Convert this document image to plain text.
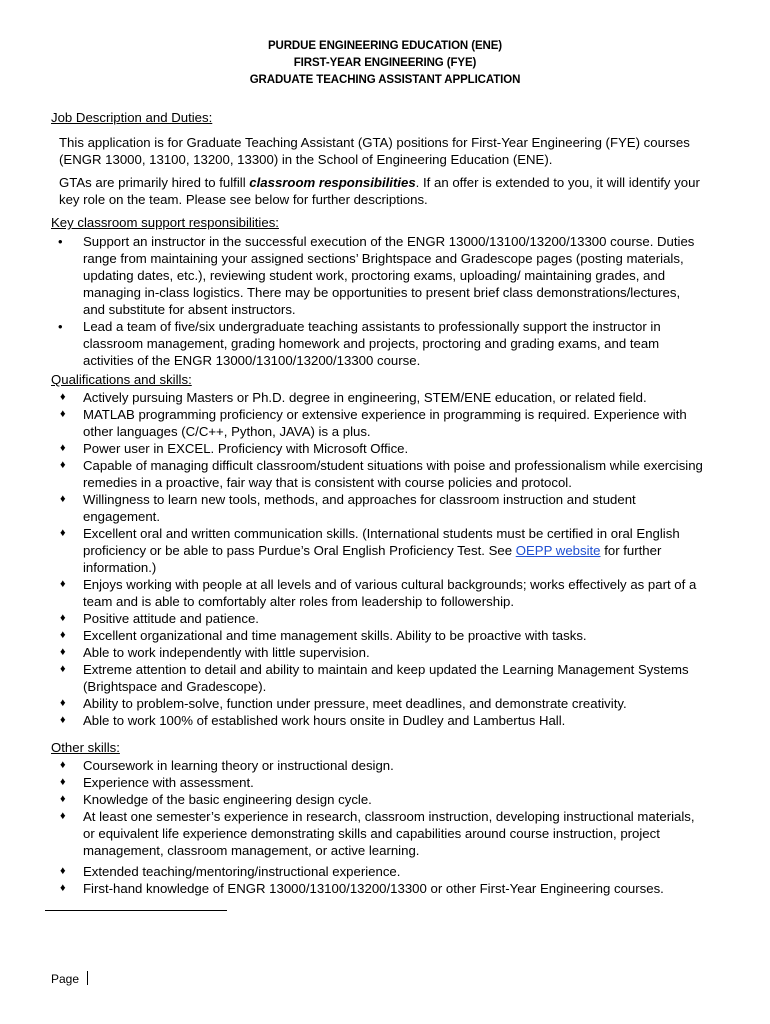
PURDUE ENGINEERING EDUCATION (ENE)
FIRST-YEAR ENGINEERING (FYE)
GRADUATE TEACHING ASSISTANT APPLICATION
Job Description and Duties:
This application is for Graduate Teaching Assistant (GTA) positions for First-Year Engineering (FYE) courses (ENGR 13000, 13100, 13200, 13300) in the School of Engineering Education (ENE).
GTAs are primarily hired to fulfill classroom responsibilities. If an offer is extended to you, it will identify your key role on the team. Please see below for further descriptions.
Key classroom support responsibilities:
• Support an instructor in the successful execution of the ENGR 13000/13100/13200/13300 course. Duties range from maintaining your assigned sections’ Brightspace and Gradescope pages (posting materials, updating dates, etc.), reviewing student work, proctoring exams, uploading/ maintaining grades, and managing in-class logistics. There may be opportunities to present brief class demonstrations/lectures, and substitute for absent instructors.
• Lead a team of five/six undergraduate teaching assistants to professionally support the instructor in classroom management, grading homework and projects, proctoring and grading exams, and team activities of the ENGR 13000/13100/13200/13300 course.
Qualifications and skills:
♦ Actively pursuing Masters or Ph.D. degree in engineering, STEM/ENE education, or related field.
♦ MATLAB programming proficiency or extensive experience in programming is required. Experience with other languages (C/C++, Python, JAVA) is a plus.
♦ Power user in EXCEL. Proficiency with Microsoft Office.
♦ Capable of managing difficult classroom/student situations with poise and professionalism while exercising remedies in a proactive, fair way that is consistent with course policies and protocol.
♦ Willingness to learn new tools, methods, and approaches for classroom instruction and student engagement.
♦ Excellent oral and written communication skills. (International students must be certified in oral English proficiency or be able to pass Purdue’s Oral English Proficiency Test. See OEPP website for further information.)
♦ Enjoys working with people at all levels and of various cultural backgrounds; works effectively as part of a team and is able to comfortably alter roles from leadership to followership.
♦ Positive attitude and patience.
♦ Excellent organizational and time management skills. Ability to be proactive with tasks.
♦ Able to work independently with little supervision.
♦ Extreme attention to detail and ability to maintain and keep updated the Learning Management Systems (Brightspace and Gradescope).
♦ Ability to problem-solve, function under pressure, meet deadlines, and demonstrate creativity.
♦ Able to work 100% of established work hours onsite in Dudley and Lambertus Hall.
Other skills:
♦ Coursework in learning theory or instructional design.
♦ Experience with assessment.
♦ Knowledge of the basic engineering design cycle.
♦ At least one semester’s experience in research, classroom instruction, developing instructional materials, or equivalent life experience demonstrating skills and capabilities around course instruction, project management, classroom management, or active learning.
♦ Extended teaching/mentoring/instructional experience.
♦ First-hand knowledge of ENGR 13000/13100/13200/13300 or other First-Year Engineering courses.
Page
